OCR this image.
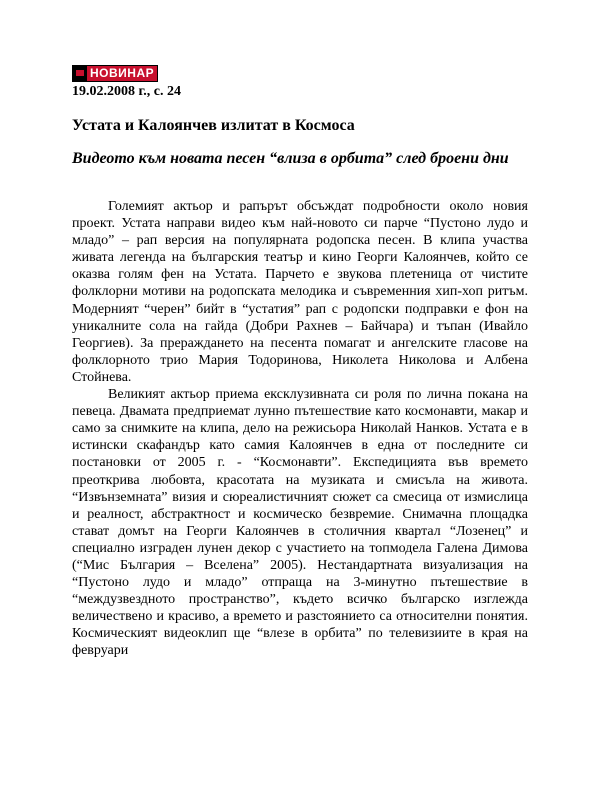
НОВИНАР
19.02.2008 г., с. 24
Устата и Калоянчев излитат в Космоса
Видеото към новата песен “влиза в орбита” след броени дни

Големият актьор и рапърът обсъждат подробности около новия проект. Устата направи видео към най-новото си парче “Пустоно лудо и младо” – рап версия на популярната родопска песен. В клипа участва живата легенда на българския театър и кино Георги Калоянчев, който се оказва голям фен на Устата. Парчето е звукова плетеница от чистите фолклорни мотиви на родопската мелодика и съвременния хип-хоп ритъм. Модерният “черен” бийт в “устатия” рап с родопски подправки е фон на уникалните сола на гайда (Добри Рахнев – Байчара) и тъпан (Ивайло Георгиев). За преражданeто на песента помагат и ангелските гласове на фолклорното трио Мария Тодоринова, Николета Николова и Албена Стойнева.

Великият актьор приема ексклузивната си роля по лична покана на певеца. Двамата предприемат лунно пътешествие като космонавти, макар и само за снимките на клипа, дело на режисьора Николай Нанков. Устата е в истински скафандър като самия Калоянчев в една от последните си постановки от 2005 г. - “Космонавти”. Експедицията във времето преоткрива любовта, красотата на музиката и смисъла на живота. “Извънземната” визия и сюреалистичният сюжет са смесица от измислица и реалност, абстрактност и космическо безвремие. Снимачна площадка стават домът на Георги Калоянчев в столичния квартал “Лозенец” и специално изграден лунен декор с участието на топмодела Галена Димова (“Мис България – Вселена” 2005). Нестандартната визуализация на “Пустоно лудо и младо” отпраща на 3-минутно пътешествие в “междузвездното пространство”, където всичко българско изглежда величествено и красиво, а времето и разстоянието са относителни понятия. Космическият видеоклип ще “влезе в орбита” по телевизиите в края на февруари
